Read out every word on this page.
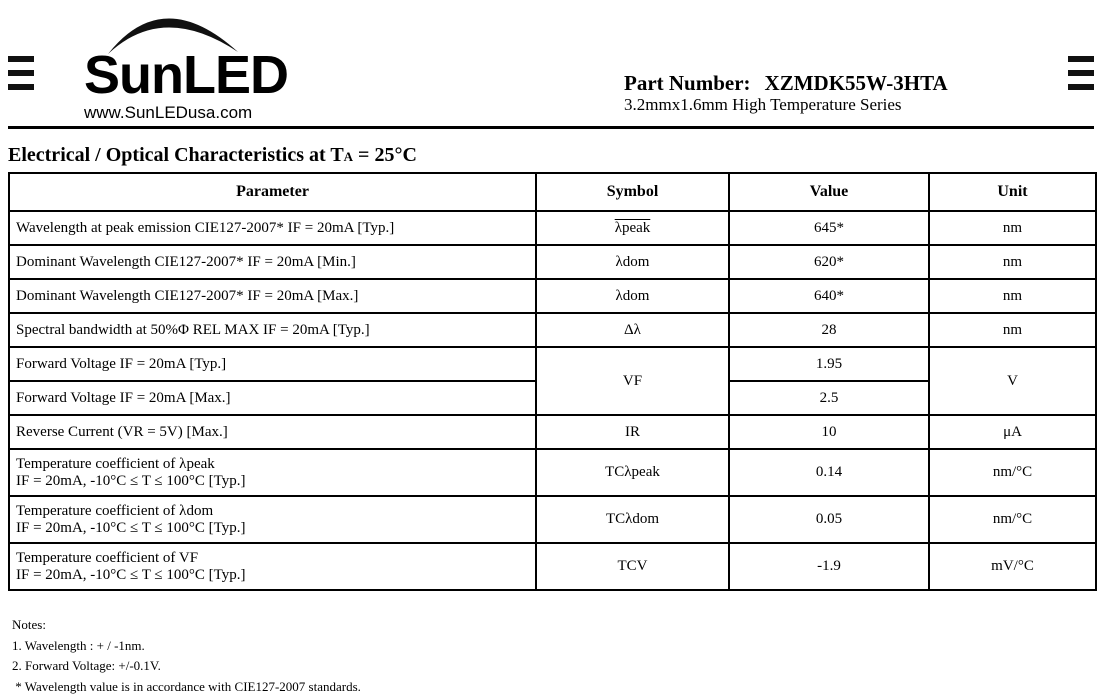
SunLED
www.SunLEDusa.com
Part Number: XZMDK55W-3HTA
3.2mmx1.6mm High Temperature Series
Electrical / Optical Characteristics at TA = 25°C
Parameter	Symbol	Value	Unit
Wavelength at peak emission CIE127-2007* IF = 20mA [Typ.]	λpeak	645*	nm
Dominant Wavelength CIE127-2007* IF = 20mA [Min.]	λdom	620*	nm
Dominant Wavelength CIE127-2007* IF = 20mA [Max.]	λdom	640*	nm
Spectral bandwidth at 50%Φ REL MAX IF = 20mA [Typ.]	Δλ	28	nm
Forward Voltage IF = 20mA [Typ.]	VF	1.95	V
Forward Voltage IF = 20mA [Max.]		2.5	
Reverse Current (VR = 5V) [Max.]	IR	10	μA

Temperature coefficient of λpeak
IF = 20mA, -10°C ≤ T ≤ 100°C [Typ.]	TCλpeak	0.14	nm/°C

Temperature coefficient of λdom
IF = 20mA, -10°C ≤ T ≤ 100°C [Typ.]	TCλdom	0.05	nm/°C

Temperature coefficient of VF
IF = 20mA, -10°C ≤ T ≤ 100°C [Typ.]	TCV	-1.9	mV/°C
Notes:
1. Wavelength : + / -1nm.
2. Forward Voltage: +/-0.1V.
* Wavelength value is in accordance with CIE127-2007 standards.
